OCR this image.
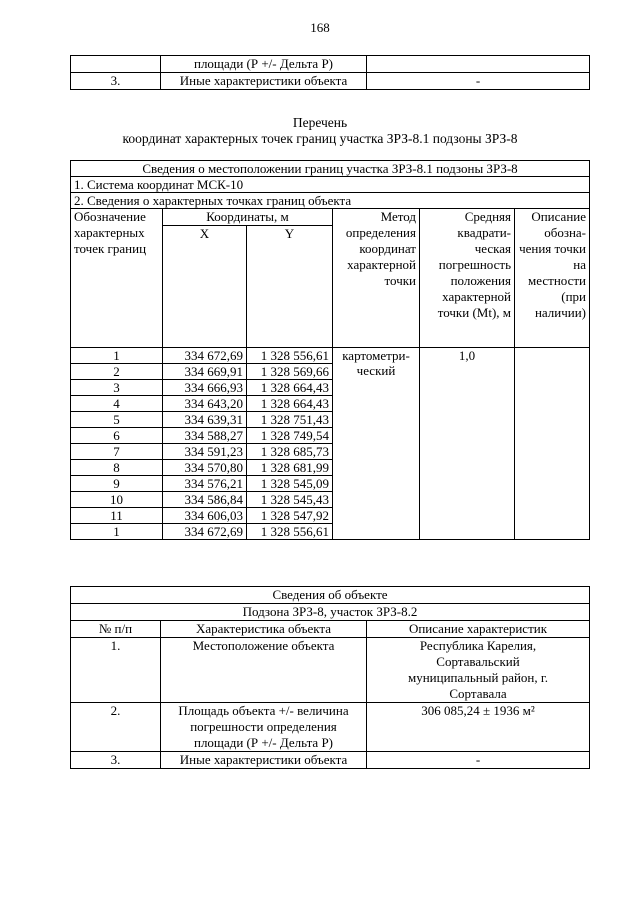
168
	площади (Р +/- Дельта Р)	
3.	Иные характеристики объекта	-
Перечень
координат характерных точек границ участка ЗРЗ-8.1 подзоны ЗРЗ-8
Сведения о местоположении границ участка ЗРЗ-8.1 подзоны ЗРЗ-8					
1. Система координат МСК-10					
2. Сведения о характерных точках границ объекта					
Обозначение характерных точек границ	Координаты, м		Метод определения координат характерной точки	Средняя квадрати-ческая погрешность положения характерной точки (Mt), м	Описание обозна-чения точки на местности (при наличии)
	X	Y			
1	334 672,69	1 328 556,61	картометри-ческий	1,0	
2	334 669,91	1 328 569,66			
3	334 666,93	1 328 664,43			
4	334 643,20	1 328 664,43			
5	334 639,31	1 328 751,43			
6	334 588,27	1 328 749,54			
7	334 591,23	1 328 685,73			
8	334 570,80	1 328 681,99			
9	334 576,21	1 328 545,09			
10	334 586,84	1 328 545,43			
11	334 606,03	1 328 547,92			
1	334 672,69	1 328 556,61			
Сведения об объекте		
Подзона ЗРЗ-8, участок ЗРЗ-8.2		
№ п/п	Характеристика объекта	Описание характеристик
1.	Местоположение объекта	Республика Карелия, Сортавальский муниципальный район, г. Сортавала
2.	Площадь объекта +/- величина погрешности определения площади (Р +/- Дельта Р)	306 085,24 ± 1936 м²
3.	Иные характеристики объекта	-
